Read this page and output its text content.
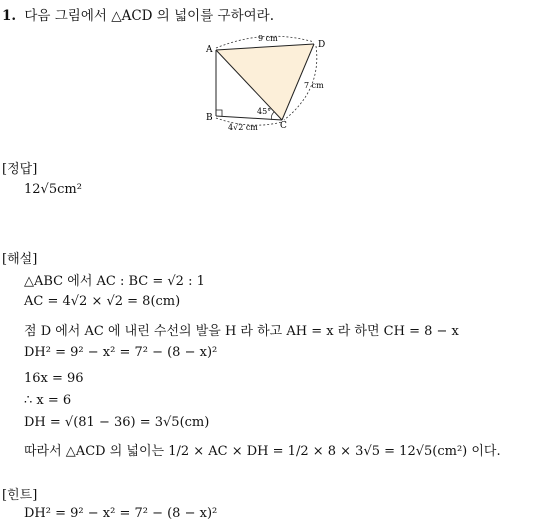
1. 다음 그림에서 △ACD 의 넓이를 구하여라.
A
B
C
D
9 cm
7 cm
4√2 cm
45°
[정답]
12√5cm²
[해설]
△ABC 에서 AC : BC = √2 : 1
AC = 4√2 × √2 = 8(cm)
점 D 에서 AC 에 내린 수선의 발을 H 라 하고 AH = x 라 하면 CH = 8 − x
DH² = 9² − x² = 7² − (8 − x)²
16x = 96
∴ x = 6
DH = √(81 − 36) = 3√5(cm)
따라서 △ACD 의 넓이는 1/2 × AC × DH = 1/2 × 8 × 3√5 = 12√5(cm²) 이다.
[힌트]
DH² = 9² − x² = 7² − (8 − x)²
